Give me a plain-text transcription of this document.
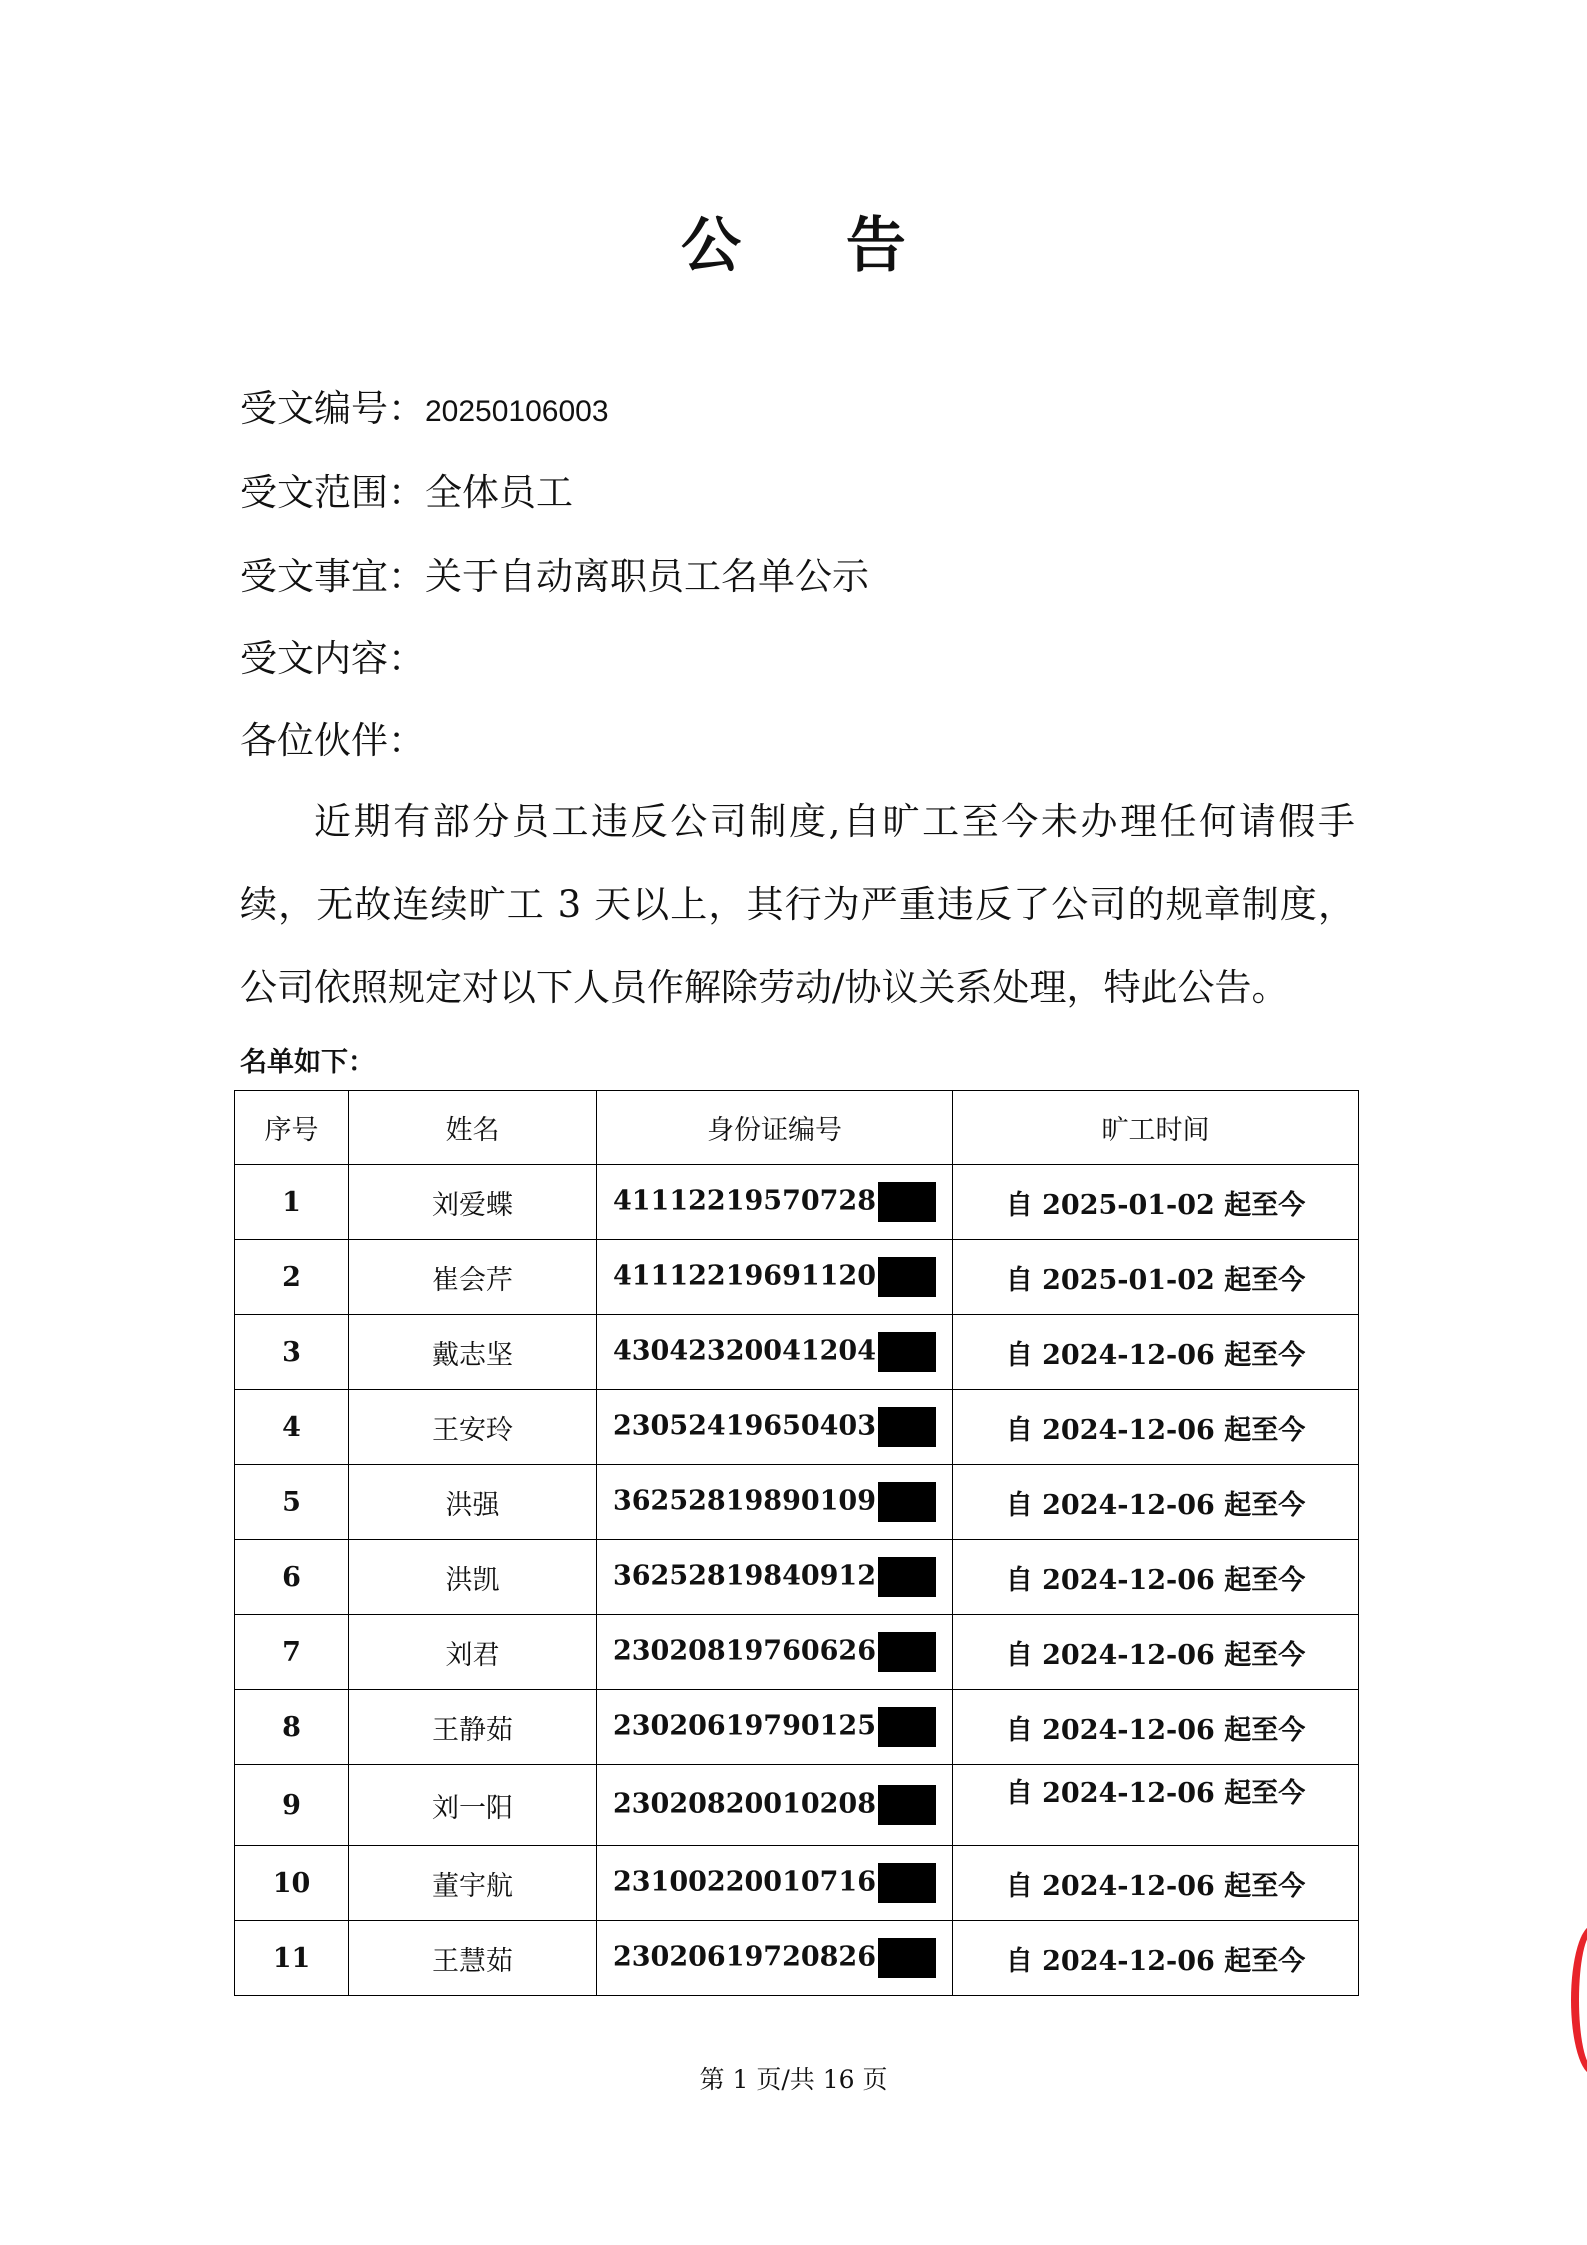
公 告
受文编号：20250106003
受文范围：全体员工
受文事宜：关于自动离职员工名单公示
受文内容：
各位伙伴：
近期有部分员工违反公司制度,自旷工至今未办理任何请假手续，无故连续旷工 3 天以上，其行为严重违反了公司的规章制度，公司依照规定对以下人员作解除劳动/协议关系处理，特此公告。
名单如下：
序号	姓名	身份证编号	旷工时间
1	刘爱蝶	41112219570728	自 2025-01-02 起至今
2	崔会芹	41112219691120	自 2025-01-02 起至今
3	戴志坚	43042320041204	自 2024-12-06 起至今
4	王安玲	23052419650403	自 2024-12-06 起至今
5	洪强	36252819890109	自 2024-12-06 起至今
6	洪凯	36252819840912	自 2024-12-06 起至今
7	刘君	23020819760626	自 2024-12-06 起至今
8	王静茹	23020619790125	自 2024-12-06 起至今
9	刘一阳	23020820010208	自 2024-12-06 起至今
10	董宇航	23100220010716	自 2024-12-06 起至今
11	王慧茹	23020619720826	自 2024-12-06 起至今
第 1 页/共 16 页
